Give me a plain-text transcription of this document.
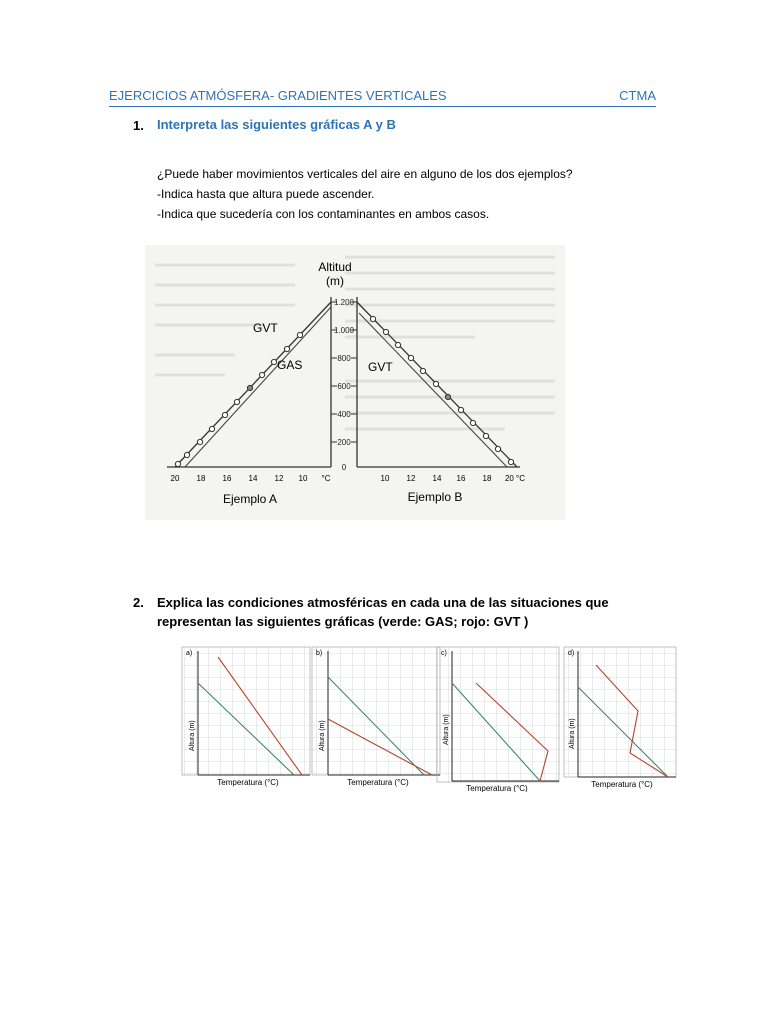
EJERCICIOS ATMÓSFERA- GRADIENTES VERTICALES	CTMA
1. Interpreta las siguientes gráficas A y B
¿Puede haber movimientos verticales del aire en alguno de los dos ejemplos?
-Indica hasta que altura puede ascender.
-Indica que sucedería con los contaminantes en ambos casos.
Altitud
(m)
1.200
1.000
800
600
400
200
0
GVT
GAS
20 18 16 14 12 10 °C
Ejemplo A
GVT
10 12 14 16 18 20 °C
Ejemplo B
2. Explica las condiciones atmosféricas en cada una de las situaciones que
representan las siguientes gráficas (verde: GAS; rojo: GVT )
a)
Altura (m)
Temperatura (°C)
b)
Altura (m)
Temperatura (°C)
c)
Altura (m)
Temperatura (°C)
d)
Altura (m)
Temperatura (°C)
